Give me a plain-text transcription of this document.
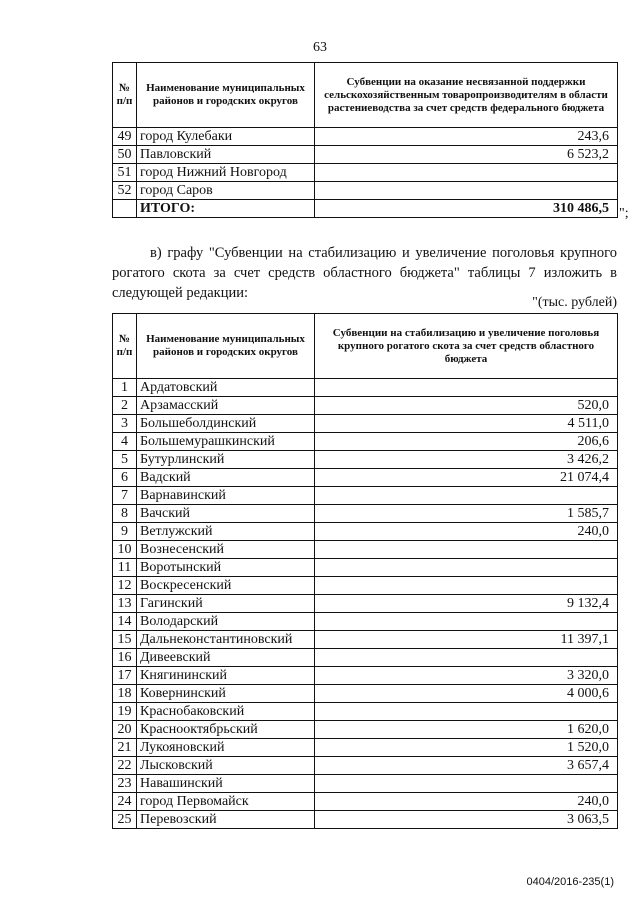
63
№ п/п	Наименование муниципальных районов и городских округов	Субвенции на оказание несвязанной поддержки сельскохозяйственным товаропроизводителям в области растениеводства за счет средств федерального бюджета
49	город Кулебаки	243,6
50	Павловский	6 523,2
51	город Нижний Новгород	
52	город Саров	
	ИТОГО:	310 486,5 ";
в) графу "Субвенции на стабилизацию и увеличение поголовья крупного рогатого скота за счет средств областного бюджета" таблицы 7 изложить в следующей редакции:
"(тыс. рублей)
№ п/п	Наименование муниципальных районов и городских округов	Субвенции на стабилизацию и увеличение поголовья крупного рогатого скота за счет средств областного бюджета
1	Ардатовский	
2	Арзамасский	520,0
3	Большеболдинский	4 511,0
4	Большемурашкинский	206,6
5	Бутурлинский	3 426,2
6	Вадский	21 074,4
7	Варнавинский	
8	Вачский	1 585,7
9	Ветлужский	240,0
10	Вознесенский	
11	Воротынский	
12	Воскресенский	
13	Гагинский	9 132,4
14	Володарский	
15	Дальнеконстантиновский	11 397,1
16	Дивеевский	
17	Княгининский	3 320,0
18	Ковернинский	4 000,6
19	Краснобаковский	
20	Краснооктябрьский	1 620,0
21	Лукояновский	1 520,0
22	Лысковский	3 657,4
23	Навашинский	
24	город Первомайск	240,0
25	Перевозский	3 063,5
0404/2016-235(1)
